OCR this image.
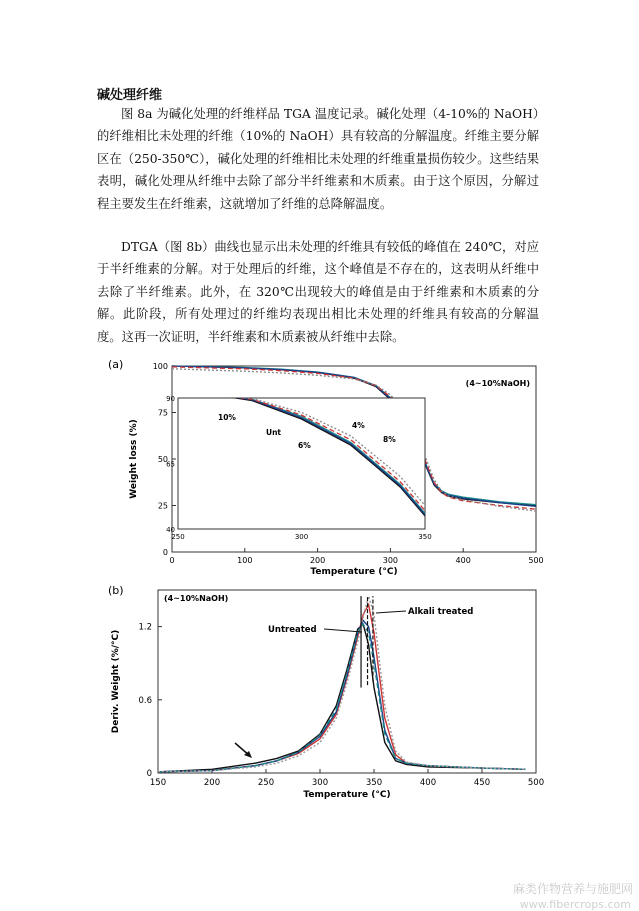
碱处理纤维

图 8a 为碱化处理的纤维样品 TGA 温度记录。碱化处理（4-10%的 NaOH）的纤维相比未处理的纤维（10%的 NaOH）具有较高的分解温度。纤维主要分解区在（250-350℃），碱化处理的纤维相比未处理的纤维重量损伤较少。这些结果表明，碱化处理从纤维中去除了部分半纤维素和木质素。由于这个原因，分解过程主要发生在纤维素，这就增加了纤维的总降解温度。

DTGA（图 8b）曲线也显示出未处理的纤维具有较低的峰值在 240℃，对应于半纤维素的分解。对于处理后的纤维，这个峰值是不存在的，这表明从纤维中去除了半纤维素。此外，在 320℃出现较大的峰值是由于纤维素和木质素的分解。此阶段，所有处理过的纤维均表现出相比未处理的纤维具有较高的分解温度。这再一次证明，半纤维素和木质素被从纤维中去除。

(a)
0	100	200	300	400	500
0
25
50
75
100
Temperature (°C)
Weight loss (%)
(4~10%NaOH)
250	300	350
40
65
90
10%
Unt
6%
4%
8%
(b)
(4~10%NaOH)
150	200	250	300	350	400	450	500
0
0.6
1.2
Temperature (°C)
Deriv. Weight (%/°C)	Untreated
Alkali treated
麻类作物营养与施肥网
www.fibercrops.com
